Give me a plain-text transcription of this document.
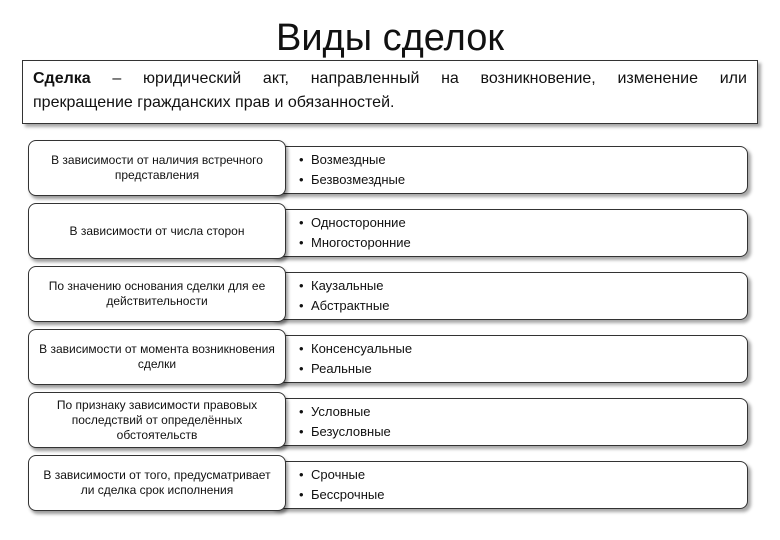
Виды сделок
Сделка – юридический акт, направленный на возникновение, изменение или
прекращение гражданских прав и обязанностей.
В зависимости от наличия встречного представления
• Возмездные
• Безвозмездные
В зависимости от числа сторон
• Односторонние
• Многосторонние
По значению основания сделки для ее действительности
• Каузальные
• Абстрактные
В зависимости от момента возникновения сделки
• Консенсуальные
• Реальные
По признаку зависимости правовых последствий от определённых обстоятельств
• Условные
• Безусловные
В зависимости от того, предусматривает ли сделка срок исполнения
• Срочные
• Бессрочные
